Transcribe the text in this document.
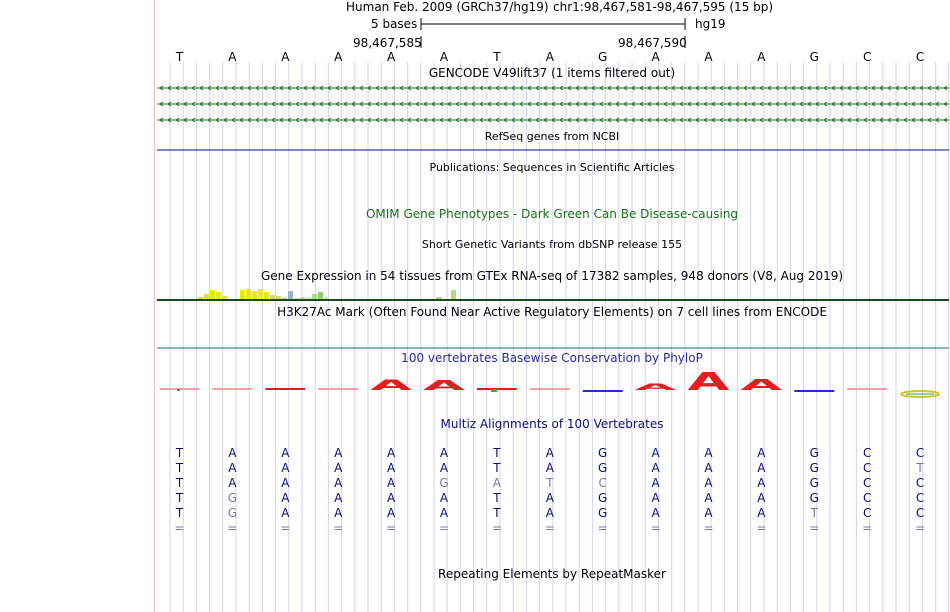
Human Feb. 2009 (GRCh37/hg19) chr1:98,467,581-98,467,595 (15 bp)
5 bases	hg19
98,467,585	98,467,590
T	A	A	A	A	A	T	A	G	A	A	A	G	C	C
GENCODE V49lift37 (1 items filtered out)
RefSeq genes from NCBI
Publications: Sequences in Scientific Articles
OMIM Gene Phenotypes - Dark Green Can Be Disease-causing
Short Genetic Variants from dbSNP release 155
Gene Expression in 54 tissues from GTEx RNA-seq of 17382 samples, 948 donors (V8, Aug 2019)
H3K27Ac Mark (Often Found Near Active Regulatory Elements) on 7 cell lines from ENCODE
100 vertebrates Basewise Conservation by PhyloP
Multiz Alignments of 100 Vertebrates
Repeating Elements by RepeatMasker
T	A	A	A	A	A	T	A	G	A	A	A	G	C	C
T	A	A	A	A	A	T	A	G	A	A	A	G	C	T
T	A	A	A	A	G	A	T	C	A	A	A	G	C	C
T	G	A	A	A	A	T	A	G	A	A	A	G	C	C
T	G	A	A	A	A	T	A	G	A	A	A	T	C	C
=	=	=	=	=	=	=	=	=	=	=	=	=	=	=
A A	A A A
